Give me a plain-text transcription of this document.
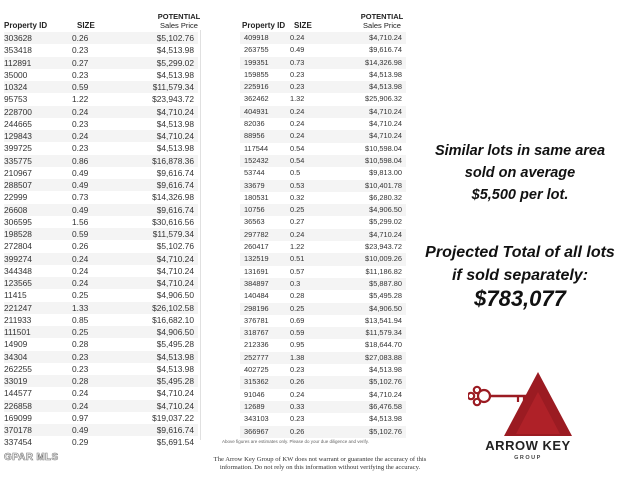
Property ID	SIZE
POTENTIAL
Sales Price
303628	0.26	$5,102.76
353418	0.23	$4,513.98
112891	0.27	$5,299.02
35000	0.23	$4,513.98
10324	0.59	$11,579.34
95753	1.22	$23,943.72
228700	0.24	$4,710.24
244665	0.23	$4,513.98
129843	0.24	$4,710.24
399725	0.23	$4,513.98
335775	0.86	$16,878.36
210967	0.49	$9,616.74
288507	0.49	$9,616.74
22999	0.73	$14,326.98
26608	0.49	$9,616.74
306595	1.56	$30,616.56
198528	0.59	$11,579.34
272804	0.26	$5,102.76
399274	0.24	$4,710.24
344348	0.24	$4,710.24
123565	0.24	$4,710.24
11415	0.25	$4,906.50
221247	1.33	$26,102.58
211933	0.85	$16,682.10
111501	0.25	$4,906.50
14909	0.28	$5,495.28
34304	0.23	$4,513.98
262255	0.23	$4,513.98
33019	0.28	$5,495.28
144577	0.24	$4,710.24
226858	0.24	$4,710.24
169099	0.97	$19,037.22
370178	0.49	$9,616.74
337454	0.29	$5,691.54
Property ID SIZE
POTENTIAL
Sales Price
409918	0.24	$4,710.24
263755	0.49	$9,616.74
199351	0.73	$14,326.98
159855	0.23	$4,513.98
225916	0.23	$4,513.98
362462	1.32	$25,906.32
404931	0.24	$4,710.24
82036	0.24	$4,710.24
88956	0.24	$4,710.24
117544	0.54	$10,598.04
152432	0.54	$10,598.04
53744	0.5	$9,813.00
33679	0.53	$10,401.78
180531	0.32	$6,280.32
10756	0.25	$4,906.50
36563	0.27	$5,299.02
297782	0.24	$4,710.24
260417	1.22	$23,943.72
132519	0.51	$10,009.26
131691	0.57	$11,186.82
384897	0.3	$5,887.80
140484	0.28	$5,495.28
298196	0.25	$4,906.50
376781	0.69	$13,541.94
318767	0.59	$11,579.34
212336	0.95	$18,644.70
252777	1.38	$27,083.88
402725	0.23	$4,513.98
315362	0.26	$5,102.76
91046	0.24	$4,710.24
12689	0.33	$6,476.58
343103	0.23	$4,513.98
366967	0.26	$5,102.76
Above figures are estimates only. Please do your due diligence and verify.
The Arrow Key Group of KW does not warrant or guarantee the accuracy of this information. Do not rely on this information without verifying the accuracy.
GPAR MLS
Similar lots in same area
sold on average
$5,500 per lot.
Projected Total of all lots
if sold separately:
$783,077
ARROW KEY
GROUP
